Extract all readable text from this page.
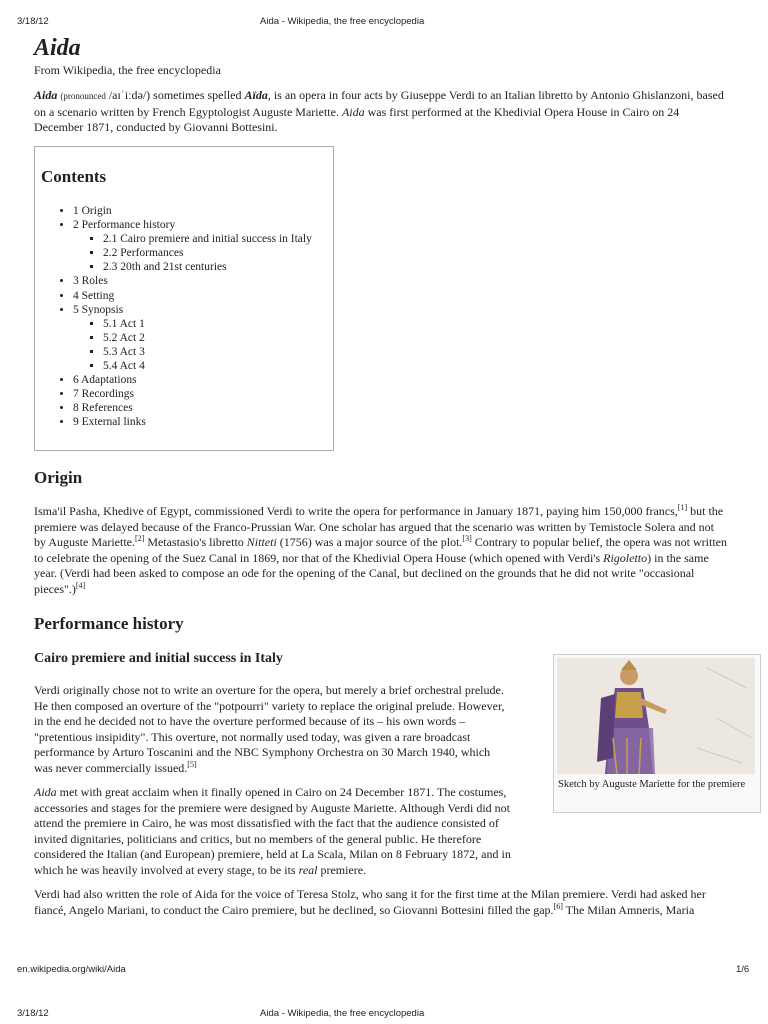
3/18/12	Aida - Wikipedia, the free encyclopedia
Aida
From Wikipedia, the free encyclopedia

Aida (pronounced /aɪˈiːdə/) sometimes spelled Aïda, is an opera in four acts by Giuseppe Verdi to an Italian libretto by Antonio Ghislanzoni, based on a scenario written by French Egyptologist Auguste Mariette. Aida was first performed at the Khedivial Opera House in Cairo on 24 December 1871, conducted by Giovanni Bottesini.

Contents
• 1 Origin
• 2 Performance history
▪ 2.1 Cairo premiere and initial success in Italy
▪ 2.2 Performances
▪ 2.3 20th and 21st centuries
• 3 Roles
• 4 Setting
• 5 Synopsis
▪ 5.1 Act 1
▪ 5.2 Act 2
▪ 5.3 Act 3
▪ 5.4 Act 4
• 6 Adaptations
• 7 Recordings
• 8 References
• 9 External links
Origin

Isma'il Pasha, Khedive of Egypt, commissioned Verdi to write the opera for performance in January 1871, paying him 150,000 francs,[1] but the premiere was delayed because of the Franco-Prussian War. One scholar has argued that the scenario was written by Temistocle Solera and not by Auguste Mariette.[2] Metastasio's libretto Nitteti (1756) was a major source of the plot.[3] Contrary to popular belief, the opera was not written to celebrate the opening of the Suez Canal in 1869, nor that of the Khedivial Opera House (which opened with Verdi's Rigoletto) in the same year. (Verdi had been asked to compose an ode for the opening of the Canal, but declined on the grounds that he did not write "occasional pieces".)[4]

Performance history
Cairo premiere and initial success in Italy

Verdi originally chose not to write an overture for the opera, but merely a brief orchestral prelude. He then composed an overture of the "potpourri" variety to replace the original prelude. However, in the end he decided not to have the overture performed because of its – his own words – "pretentious insipidity". This overture, not normally used today, was given a rare broadcast performance by Arturo Toscanini and the NBC Symphony Orchestra on 30 March 1940, which was never commercially issued.[5]

Aida met with great acclaim when it finally opened in Cairo on 24 December 1871. The costumes, accessories and stages for the premiere were designed by Auguste Mariette. Although Verdi did not attend the premiere in Cairo, he was most dissatisfied with the fact that the audience consisted of invited dignitaries, politicians and critics, but no members of the general public. He therefore considered the Italian (and European) premiere, held at La Scala, Milan on 8 February 1872, and in which he was heavily involved at every stage, to be its real premiere.

Verdi had also written the role of Aida for the voice of Teresa Stolz, who sang it for the first time at the Milan premiere. Verdi had asked her fiancé, Angelo Mariani, to conduct the Cairo premiere, but he declined, so Giovanni Bottesini filled the gap.[6] The Milan Amneris, Maria

Sketch by Auguste Mariette for the premiere
en.wikipedia.org/wiki/Aida	1/6
3/18/12	Aida - Wikipedia, the free encyclopedia
